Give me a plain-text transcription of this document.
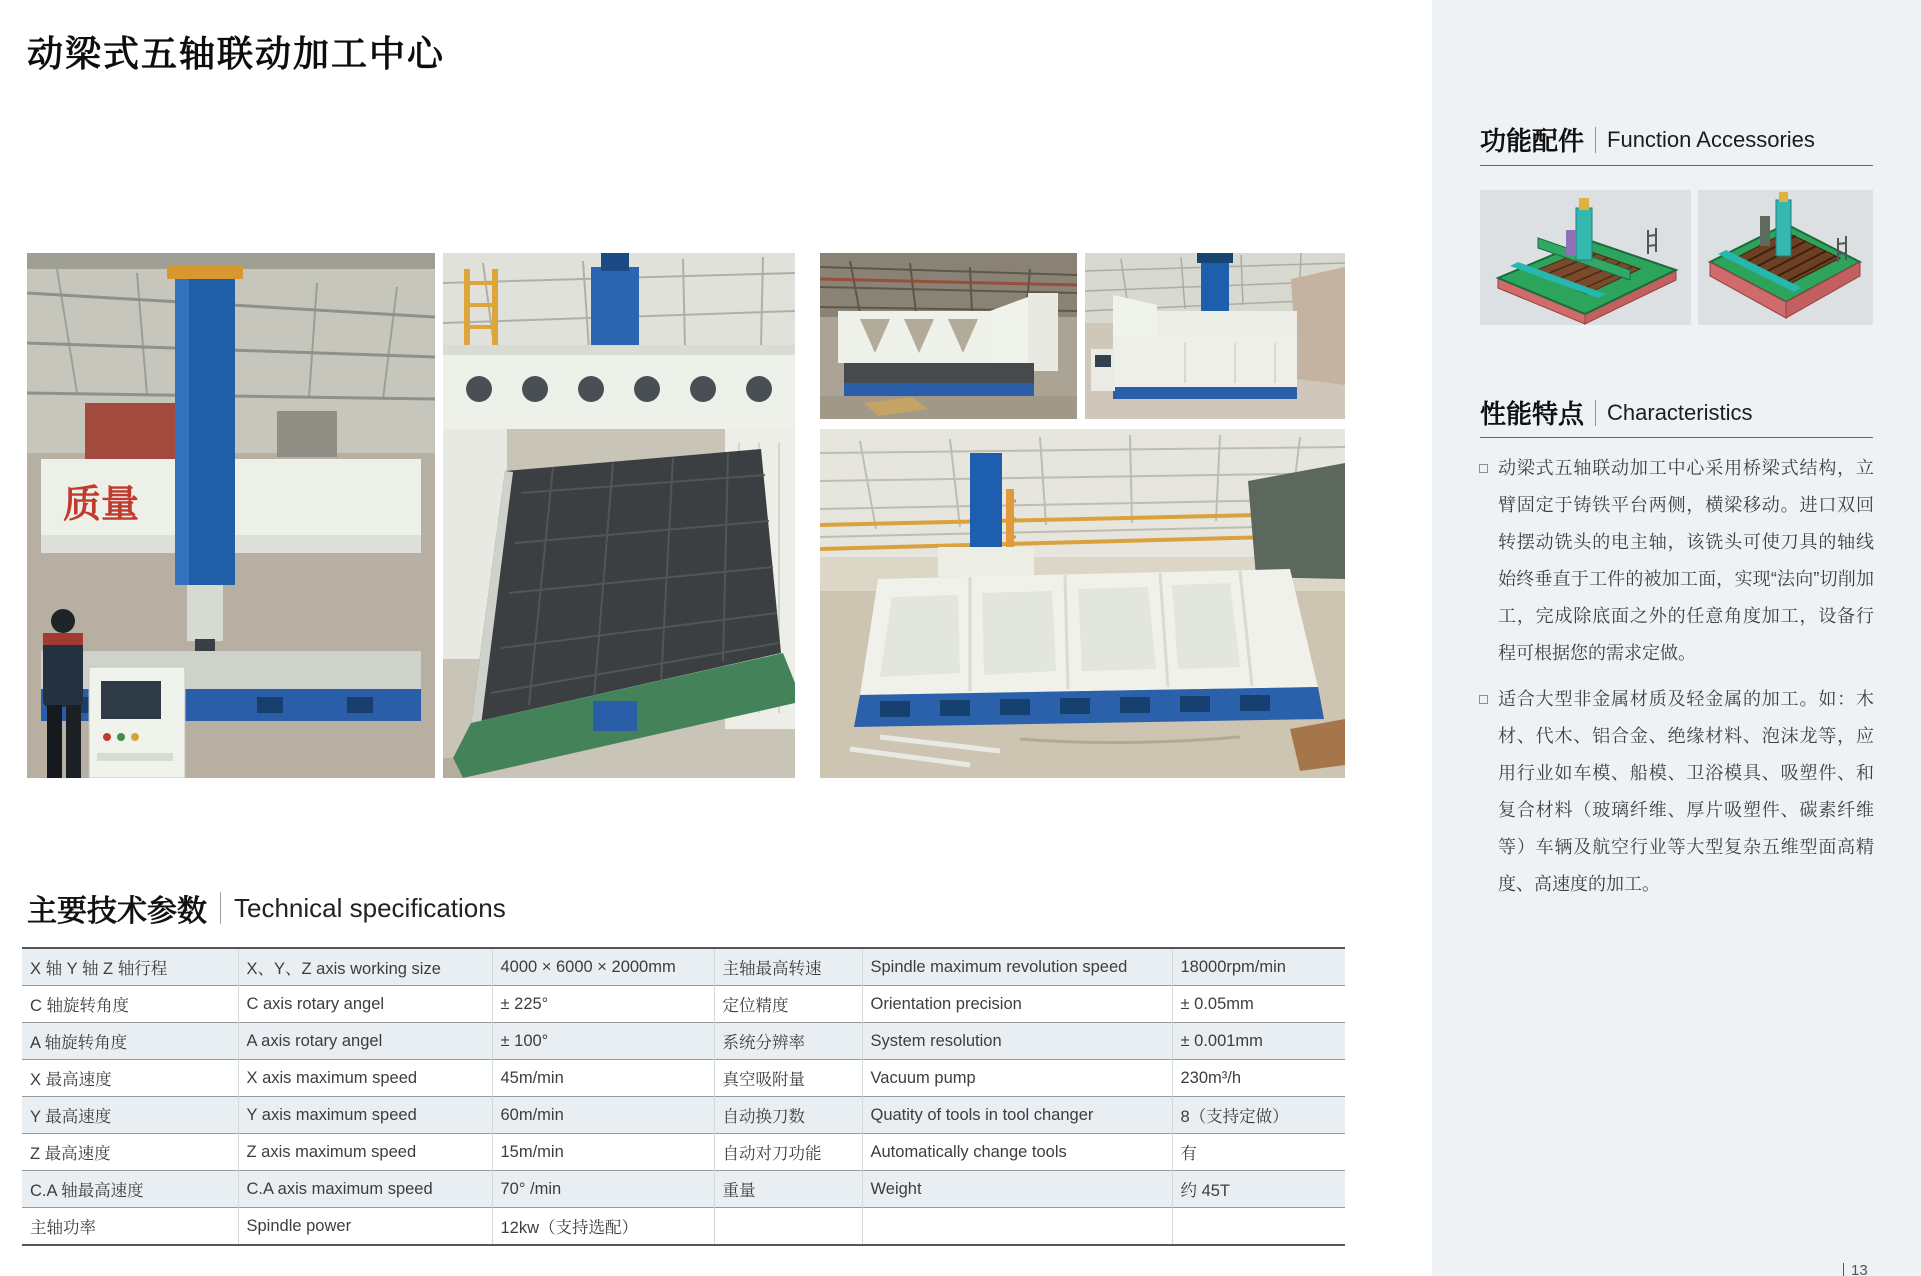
动梁式五轴联动加工中心
质量
主要技术参数 Technical specifications
X 轴 Y 轴 Z 轴行程	X、Y、Z axis working size	4000 × 6000 × 2000mm	主轴最高转速	Spindle maximum revolution speed	18000rpm/min
C 轴旋转角度	C axis rotary angel	± 225°	定位精度	Orientation precision	± 0.05mm
A 轴旋转角度	A axis rotary angel	± 100°	系统分辨率	System resolution	± 0.001mm
X 最高速度	X axis maximum speed	45m/min	真空吸附量	Vacuum pump	230m³/h
Y 最高速度	Y axis maximum speed	60m/min	自动换刀数	Quatity of tools in tool changer	8（支持定做）
Z 最高速度	Z axis maximum speed	15m/min	自动对刀功能	Automatically change tools	有
C.A 轴最高速度	C.A axis maximum speed	70° /min	重量	Weight	约 45T
主轴功率	Spindle power	12kw（支持选配）			
功能配件 Function Accessories
性能特点 Characteristics

动梁式五轴联动加工中心采用桥梁式结构，立臂固定于铸铁平台两侧，横梁移动。进口双回转摆动铣头的电主轴，该铣头可使刀具的轴线始终垂直于工件的被加工面，实现“法向”切削加工，完成除底面之外的任意角度加工，设备行程可根据您的需求定做。

适合大型非金属材质及轻金属的加工。如：木材、代木、铝合金、绝缘材料、泡沫龙等，应用行业如车模、船模、卫浴模具、吸塑件、和复合材料（玻璃纤维、厚片吸塑件、碳素纤维等）车辆及航空行业等大型复杂五维型面高精度、高速度的加工。

13
